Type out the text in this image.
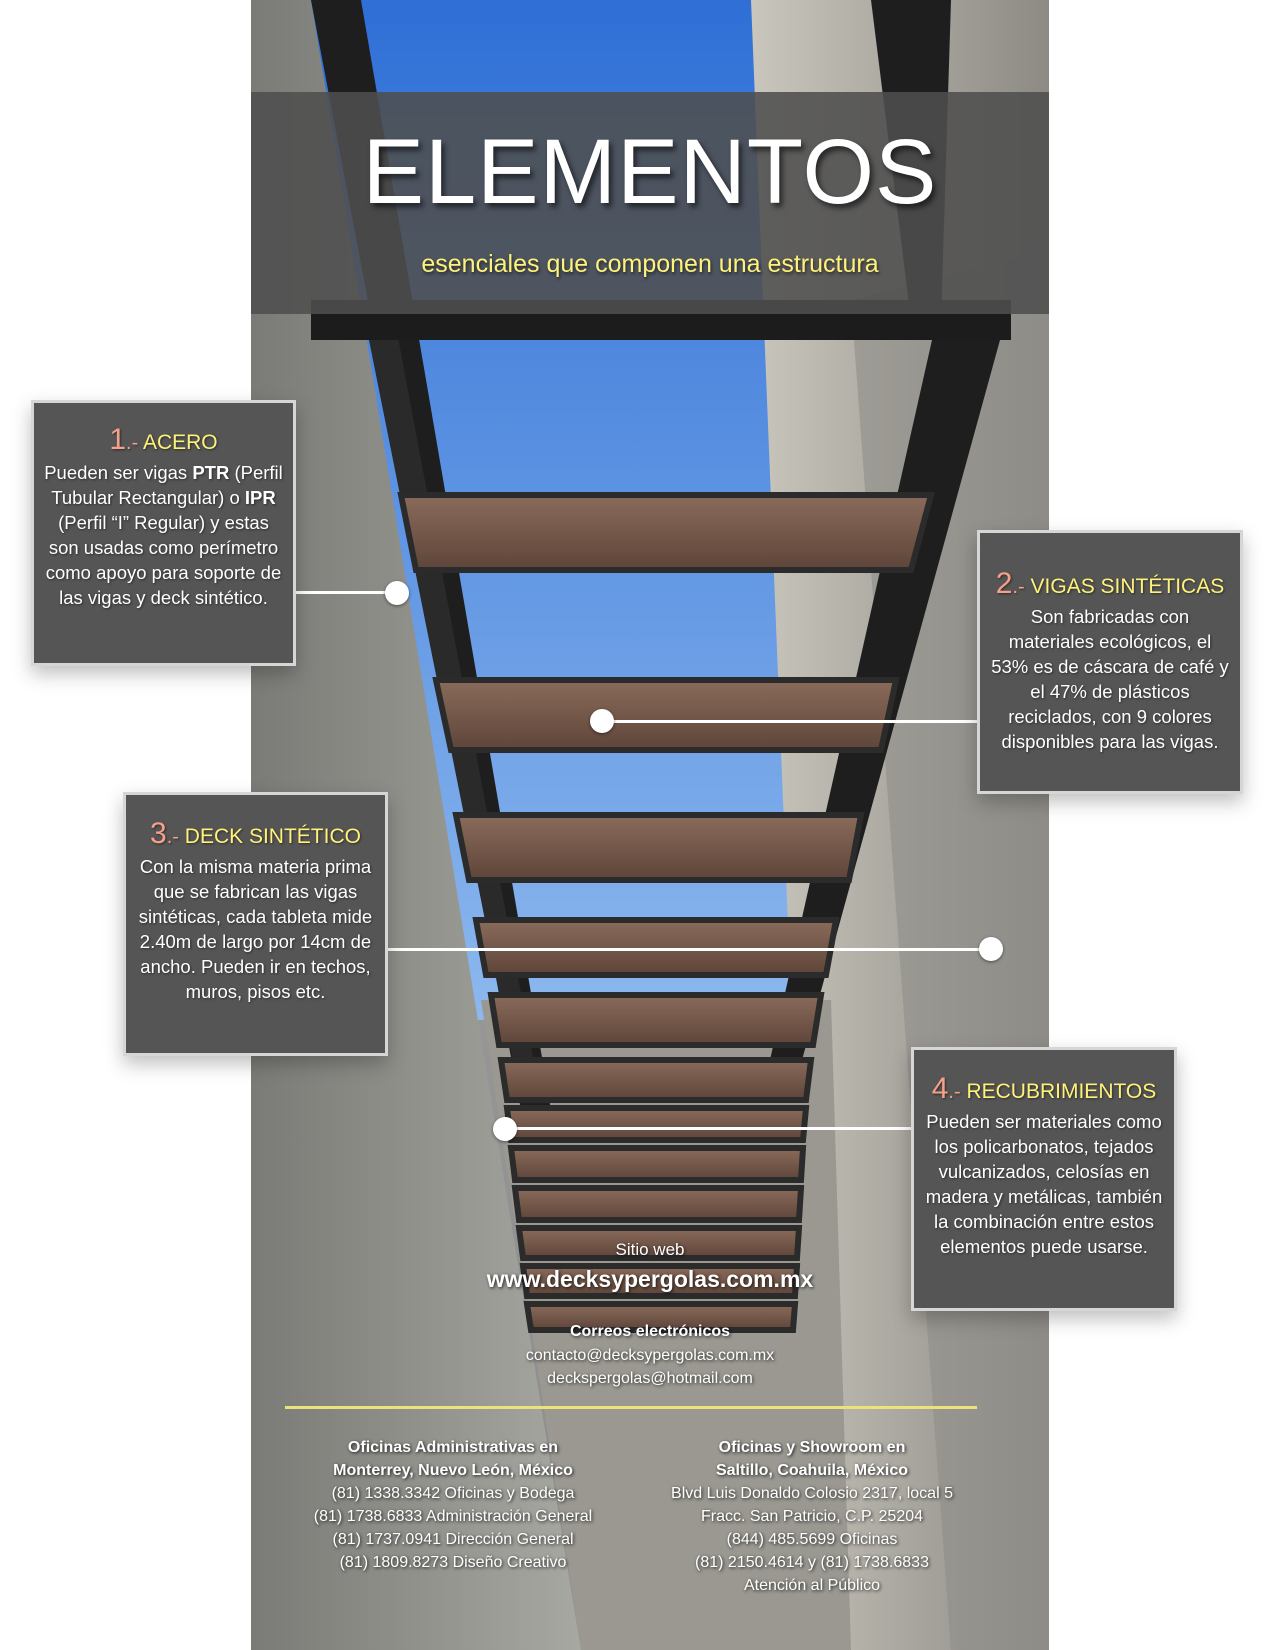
ELEMENTOS
esenciales que componen una estructura
1.- ACERO

Pueden ser vigas PTR (Perfil Tubular Rectangular) o IPR (Perfil “I” Regular) y estas son usadas como perímetro como apoyo para soporte de las vigas y deck sintético.	2.- VIGAS SINTÉTICAS

Son fabricadas con materiales ecológicos, el 53% es de cáscara de café y el 47% de plásticos reciclados, con 9 colores disponibles para las vigas.

3.- DECK SINTÉTICO

Con la misma materia prima que se fabrican las vigas sintéticas, cada tableta mide 2.40m de largo por 14cm de ancho. Pueden ir en techos, muros, pisos etc.

4.- RECUBRIMIENTOS

Pueden ser materiales como los policarbonatos, tejados vulcanizados, celosías en madera y metálicas, también la combinación entre estos elementos puede usarse.

Sitio web
www.decksypergolas.com.mx
Correos electrónicos
contacto@decksypergolas.com.mx
deckspergolas@hotmail.com
Oficinas Administrativas en
Monterrey, Nuevo León, México
(81) 1338.3342 Oficinas y Bodega
(81) 1738.6833 Administración General
(81) 1737.0941 Dirección General
(81) 1809.8273 Diseño Creativo
Oficinas y Showroom en
Saltillo, Coahuila, México
Blvd Luis Donaldo Colosio 2317, local 5
Fracc. San Patricio, C.P. 25204
(844) 485.5699 Oficinas
(81) 2150.4614 y (81) 1738.6833
Atención al Público
